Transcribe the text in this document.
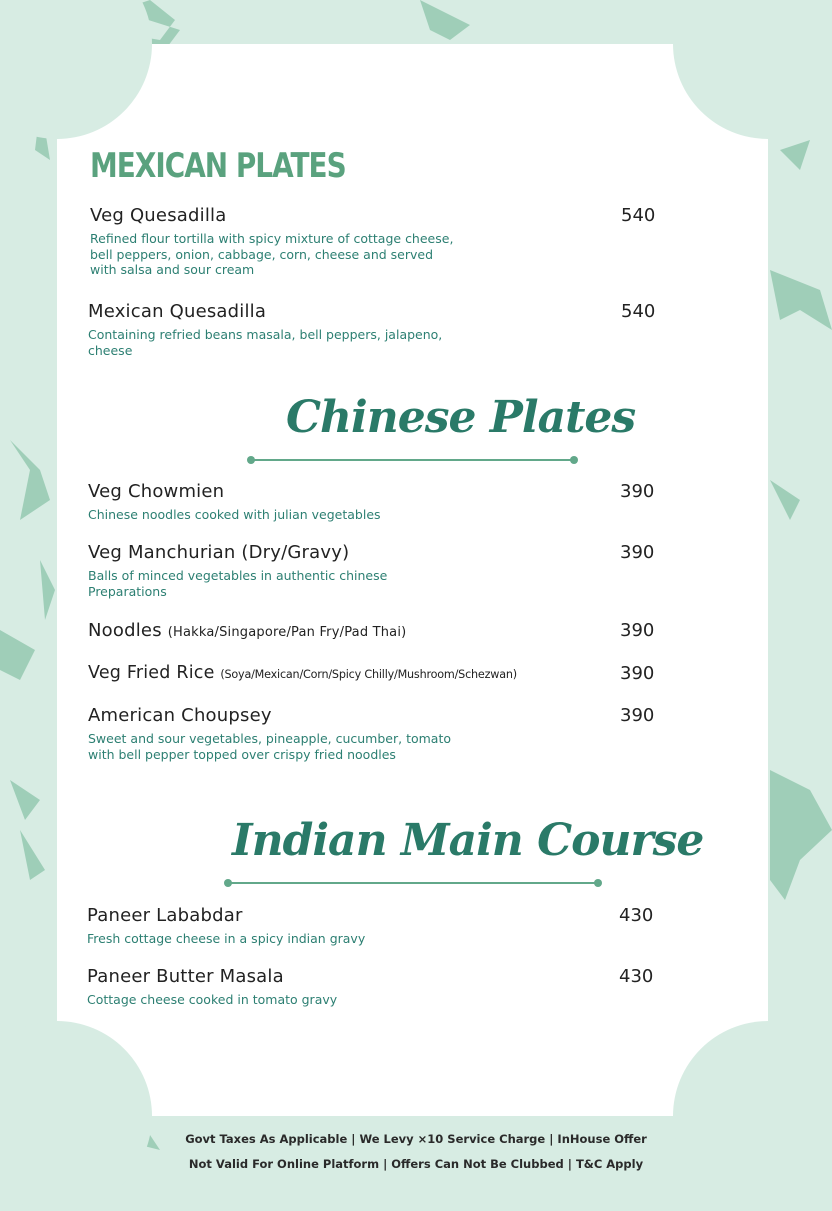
MEXICAN PLATES
Veg Quesadilla	540
Refined flour tortilla with spicy mixture of cottage cheese,
bell peppers, onion, cabbage, corn, cheese and served
with salsa and sour cream
Mexican Quesadilla	540
Containing refried beans masala, bell peppers, jalapeno,
cheese
Chinese Plates
Veg Chowmien	390
Chinese noodles cooked with julian vegetables
Veg Manchurian (Dry/Gravy)	390
Balls of minced vegetables in authentic chinese
Preparations
Noodles (Hakka/Singapore/Pan Fry/Pad Thai)	390
Veg Fried Rice (Soya/Mexican/Corn/Spicy Chilly/Mushroom/Schezwan)	390
American Choupsey	390
Sweet and sour vegetables, pineapple, cucumber, tomato
with bell pepper topped over crispy fried noodles
Indian Main Course
Paneer Lababdar	430
Fresh cottage cheese in a spicy indian gravy
Paneer Butter Masala	430
Cottage cheese cooked in tomato gravy
Govt Taxes As Applicable | We Levy ×10 Service Charge | InHouse Offer
Not Valid For Online Platform | Offers Can Not Be Clubbed | T&C Apply
